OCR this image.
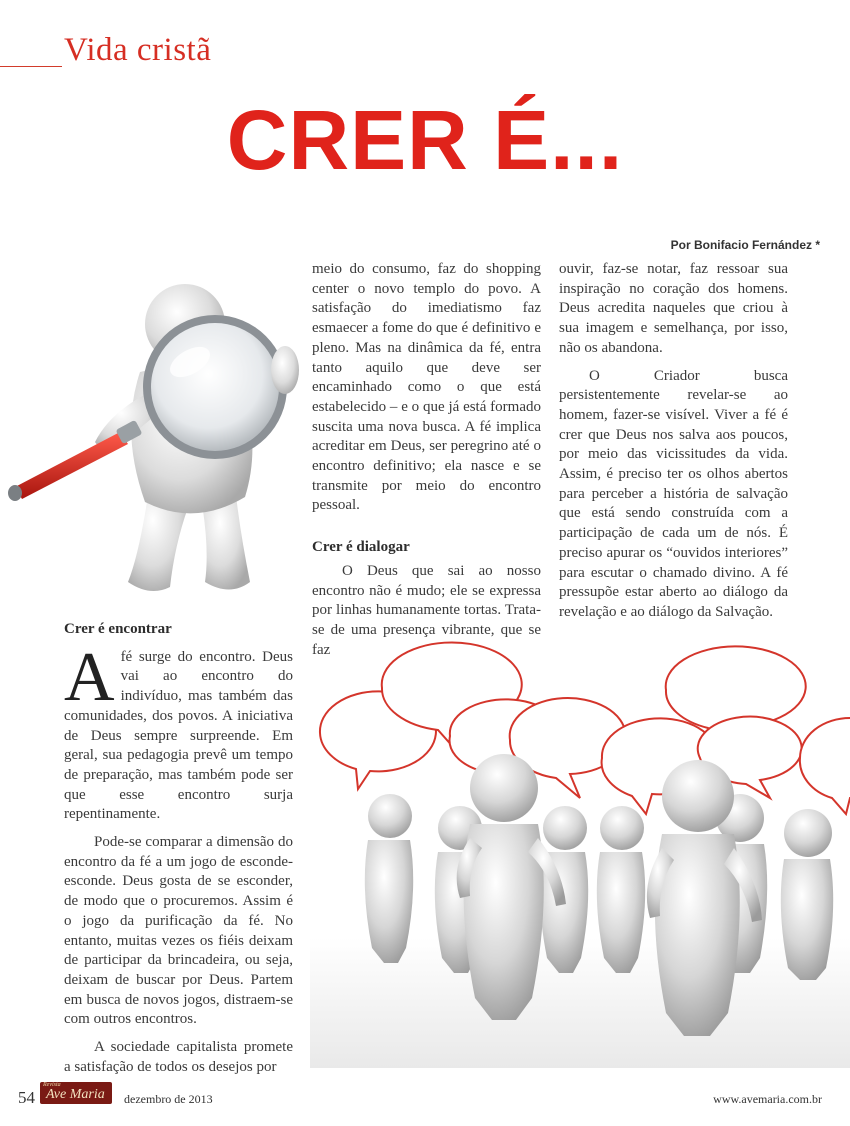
Vida cristã
CRER É...
Por Bonifacio Fernández *
Crer é encontrar

Afé surge do encontro. Deus vai ao encontro do indivíduo, mas também das comunidades, dos povos. A iniciativa de Deus sempre surpreende. Em geral, sua pedagogia prevê um tempo de preparação, mas também pode ser que esse encontro surja repentinamente.

Pode-se comparar a dimensão do encontro da fé a um jogo de esconde-esconde. Deus gosta de se esconder, de modo que o procuremos. Assim é o jogo da purificação da fé. No entanto, muitas vezes os fiéis deixam de participar da brincadeira, ou seja, deixam de buscar por Deus. Partem em busca de novos jogos, distraem-se com outros encontros.

A sociedade capitalista promete a satisfação de todos os desejos por

meio do consumo, faz do shopping center o novo templo do povo. A satisfação do imediatismo faz esmaecer a fome do que é definitivo e pleno. Mas na dinâmica da fé, entra tanto aquilo que deve ser encaminhado como o que está estabelecido – e o que já está formado suscita uma nova busca. A fé implica acreditar em Deus, ser peregrino até o encontro definitivo; ela nasce e se transmite por meio do encontro pessoal.

Crer é dialogar

O Deus que sai ao nosso encontro não é mudo; ele se expressa por linhas humanamente tortas. Trata-se de uma presença vibrante, que se faz

ouvir, faz-se notar, faz ressoar sua inspiração no coração dos homens. Deus acredita naqueles que criou à sua imagem e semelhança, por isso, não os abandona.

O Criador busca persistentemente revelar-se ao homem, fazer-se visível. Viver a fé é crer que Deus nos salva aos poucos, por meio das vicissitudes da vida. Assim, é preciso ter os olhos abertos para perceber a história de salvação que está sendo construída com a participação de cada um de nós. É preciso apurar os “ouvidos interiores” para escutar o chamado divino. A fé pressupõe estar aberto ao diálogo da revelação e ao diálogo da Salvação.

54
Revista
Ave Maria dezembro de 2013	www.avemaria.com.br
